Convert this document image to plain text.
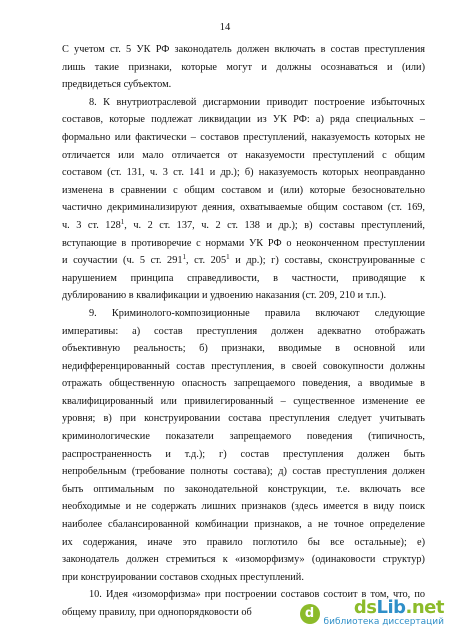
14
С учетом ст. 5 УК РФ законодатель должен включать в состав преступления
лишь такие признаки, которые могут и должны осознаваться и (или)
предвидеться субъектом.
8. К внутриотраслевой дисгармонии приводит построение избыточных
составов, которые подлежат ликвидации из УК РФ: а) ряда специальных –
формально или фактически – составов преступлений, наказуемость которых не
отличается или мало отличается от наказуемости преступлений с общим
составом (ст. 131, ч. 3 ст. 141 и др.); б) наказуемость которых неоправданно
изменена в сравнении с общим составом и (или) которые безосновательно
частично декриминализируют деяния, охватываемые общим составом (ст. 169,
ч. 3 ст. $128^1$, ч. 2 ст. 137, ч. 2 ст. 138 и др.); в) составы преступлений,
вступающие в противоречие с нормами УК РФ о неоконченном преступлении
и соучастии (ч. 5 ст. $291^1$, ст. $205^1$ и др.); г) составы, сконструированные с
нарушением принципа справедливости, в частности, приводящие к
дублированию в квалификации и удвоению наказания (ст. 209, 210 и т.п.).
9. Криминолого-композиционные правила включают следующие
императивы: а) состав преступления должен адекватно отображать
объективную реальность; б) признаки, вводимые в основной или
недифференцированный состав преступления, в своей совокупности должны
отражать общественную опасность запрещаемого поведения, а вводимые в
квалифицированный или привилегированный – существенное изменение ее
уровня; в) при конструировании состава преступления следует учитывать
криминологические показатели запрещаемого поведения (типичность,
распространенность и т.д.); г) состав преступления должен быть
непробельным (требование полноты состава); д) состав преступления должен
быть оптимальным по законодательной конструкции, т.е. включать все
необходимые и не содержать лишних признаков (здесь имеется в виду поиск
наиболее сбалансированной комбинации признаков, а не точное определение
их содержания, иначе это правило поглотило бы все остальные); е)
законодатель должен стремиться к «изоморфизму» (одинаковости структур)
при конструировании составов сходных преступлений.
10. Идея «изоморфизма» при построении составов состоит в том, что, по
общему правилу, при однопорядковости об	d dsLib.net
библиотека диссертаций
